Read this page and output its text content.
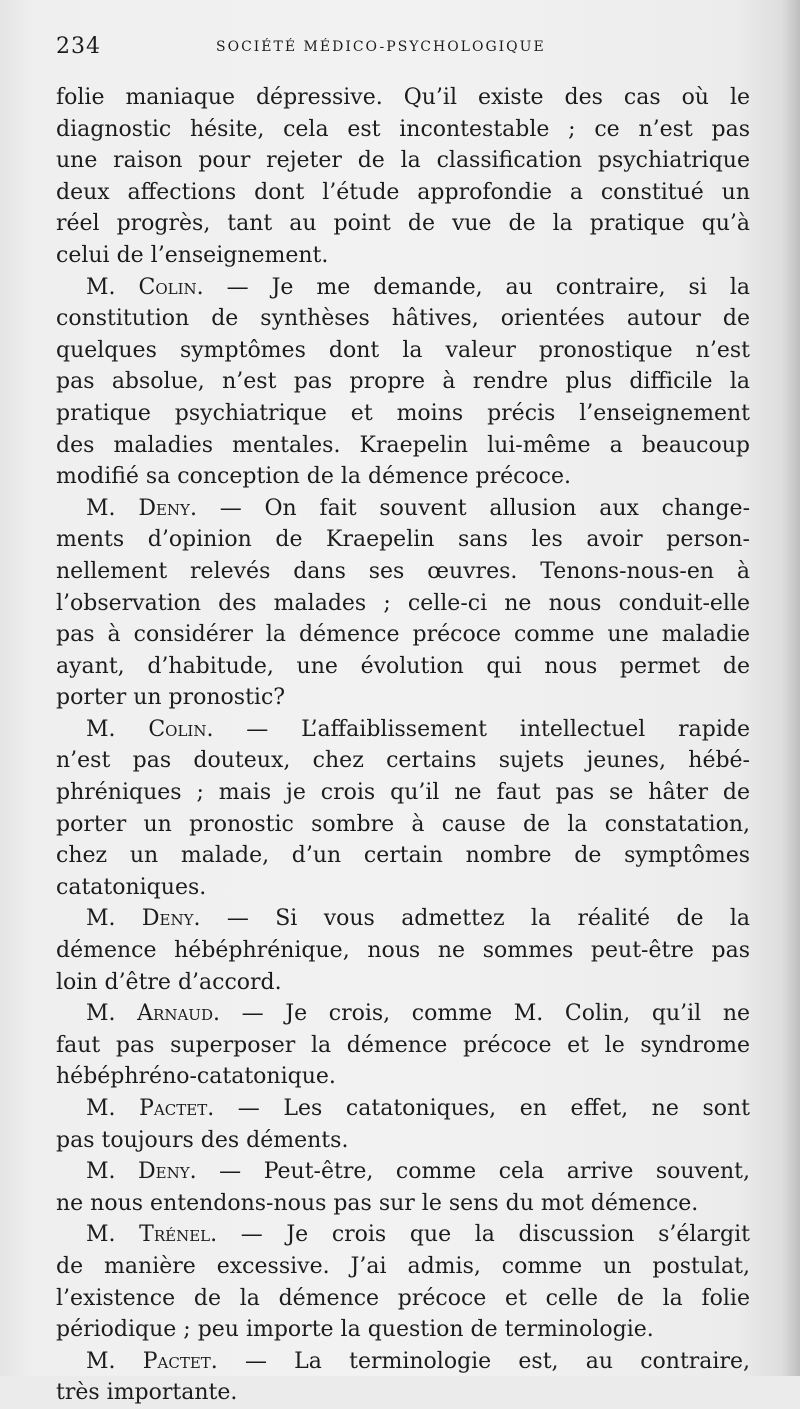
234	SOCIÉTÉ MÉDICO-PSYCHOLOGIQUE
folie maniaque dépressive. Qu’il existe des cas où le
diagnostic hésite, cela est incontestable ; ce n’est pas
une raison pour rejeter de la classification psychiatrique
deux affections dont l’étude approfondie a constitué un
réel progrès, tant au point de vue de la pratique qu’à
celui de l’enseignement.
M. Colin. — Je me demande, au contraire, si la
constitution de synthèses hâtives, orientées autour de
quelques symptômes dont la valeur pronostique n’est
pas absolue, n’est pas propre à rendre plus difficile la
pratique psychiatrique et moins précis l’enseignement
des maladies mentales. Kraepelin lui-même a beaucoup
modifié sa conception de la démence précoce.
M. Deny. — On fait souvent allusion aux change-
ments d’opinion de Kraepelin sans les avoir person-
nellement relevés dans ses œuvres. Tenons-nous-en à
l’observation des malades ; celle-ci ne nous conduit-elle
pas à considérer la démence précoce comme une maladie
ayant, d’habitude, une évolution qui nous permet de
porter un pronostic?
M. Colin. — L’affaiblissement intellectuel rapide
n’est pas douteux, chez certains sujets jeunes, hébé-
phréniques ; mais je crois qu’il ne faut pas se hâter de
porter un pronostic sombre à cause de la constatation,
chez un malade, d’un certain nombre de symptômes
catatoniques.
M. Deny. — Si vous admettez la réalité de la
démence hébéphrénique, nous ne sommes peut-être pas
loin d’être d’accord.
M. Arnaud. — Je crois, comme M. Colin, qu’il ne
faut pas superposer la démence précoce et le syndrome
hébéphréno-catatonique.
M. Pactet. — Les catatoniques, en effet, ne sont
pas toujours des déments.
M. Deny. — Peut-être, comme cela arrive souvent,
ne nous entendons-nous pas sur le sens du mot démence.
M. Trénel. — Je crois que la discussion s’élargit
de manière excessive. J’ai admis, comme un postulat,
l’existence de la démence précoce et celle de la folie
périodique ; peu importe la question de terminologie.
M. Pactet. — La terminologie est, au contraire,
très importante.
